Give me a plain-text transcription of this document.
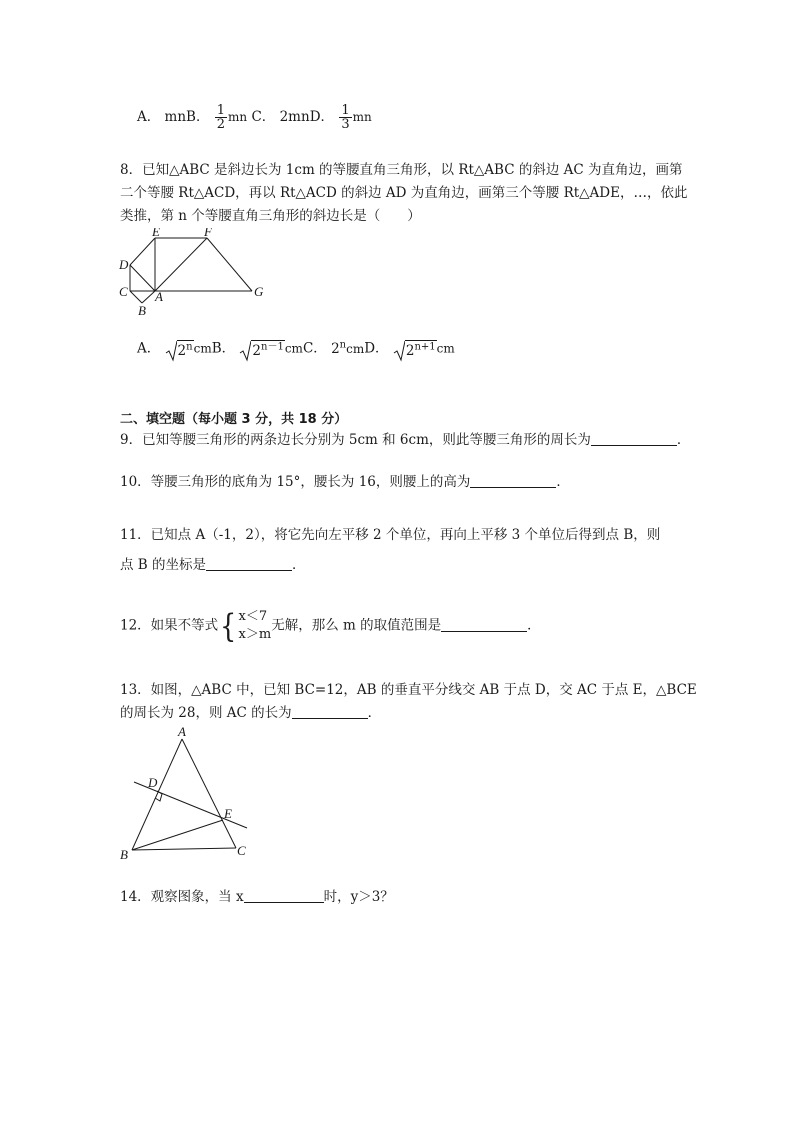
A． mnB． $\frac{1}{2}$ mn C． 2mnD． $\frac{1}{3}$ mn
8．已知△ABC 是斜边长为 1cm 的等腰直角三角形，以 Rt△ABC 的斜边 AC 为直角边，画第
二个等腰 Rt△ACD，再以 Rt△ACD 的斜边 AD 为直角边，画第三个等腰 Rt△ADE，…，依此
类推，第 n 个等腰直角三角形的斜边长是（　　）
E	F
D
C A	G
B
A． 2$^n$cmB． $2^{n-1}cmC$． 2$^n$cmD． $2^{n+1}cm$
二、填空题（每小题 3 分，共 18 分）
9．已知等腰三角形的两条边长分别为 5cm 和 6cm，则此等腰三角形的周长为	．
10．等腰三角形的底角为 15°，腰长为 16，则腰上的高为	．
11．已知点 A（-1，2），将它先向左平移 2 个单位，再向上平移 3 个单位后得到点 B，则
点 B 的坐标是	．
12．如果不等式{ x＜7
x＞m
无解，那么 m 的取值范围是	．
13．如图，△ABC 中，已知 BC=12，AB 的垂直平分线交 AB 于点 D，交 AC 于点 E，△BCE
的周长为 28，则 AC 的长为	．
A
D
E
B	C
14．观察图象，当 x	时，y＞3？
